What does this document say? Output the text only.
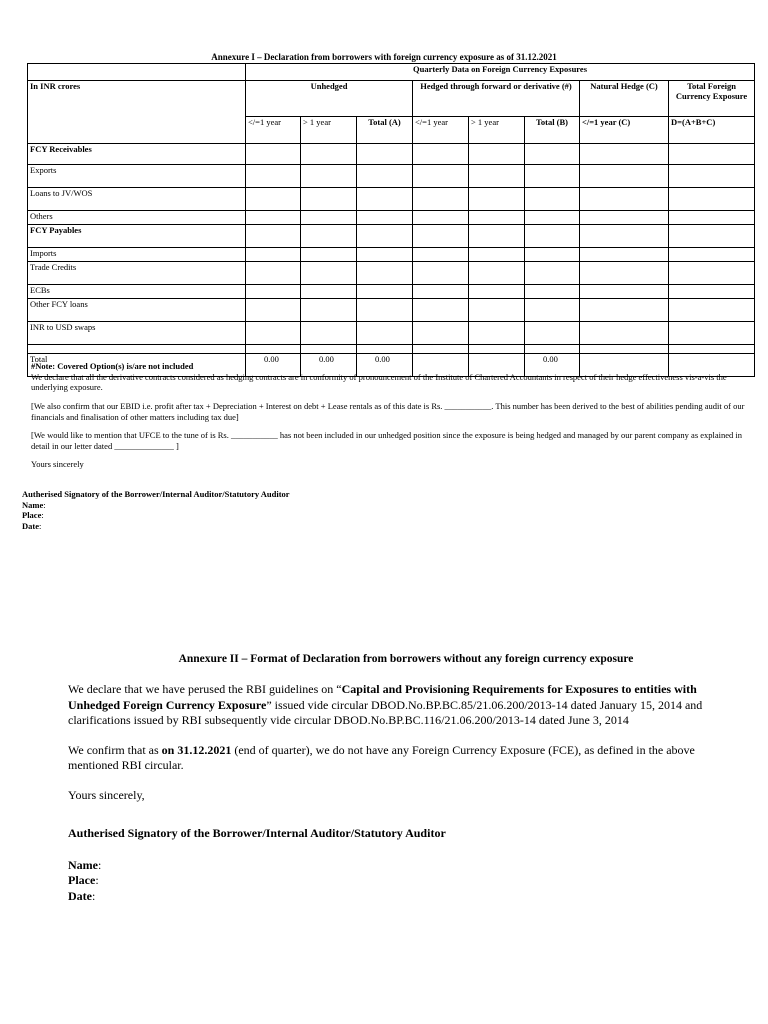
Annexure I – Declaration from borrowers with foreign currency exposure as of 31.12.2021
	Quarterly Data on Foreign Currency Exposures							
In INR crores	Unhedged			Hedged through forward or derivative (#)			Natural Hedge (C)	Total Foreign Currency Exposure
	</=1 year	> 1 year	Total (A)	</=1 year	> 1 year	Total (B)	</=1 year (C)	D=(A+B+C)
FCY Receivables								
Exports								
Loans to JV/WOS								
Others								
FCY Payables								
Imports								
Trade Credits								
ECBs								
Other FCY loans								
INR to USD swaps								

Total	0.00	0.00	0.00			0.00		
#Note: Covered Option(s) is/are not included

We declare that all the derivative contracts considered as hedging contracts are in conformity of pronouncement of the Institute of Chartered Accountants in respect of their hedge effectiveness vis-a-vis the underlying exposure.

[We also confirm that our EBID i.e. profit after tax + Depreciation + Interest on debt + Lease rentals as of this date is Rs. ___________. This number has been derived to the best of abilities pending audit of our financials and finalisation of other matters including tax due]

[We would like to mention that UFCE to the tune of is Rs. ___________ has not been included in our unhedged position since the exposure is being hedged and managed by our parent company as explained in detail in our letter dated ______________ ]

Yours sincerely

Autherised Signatory of the Borrower/Internal Auditor/Statutory Auditor
Name:
Place:
Date:
Annexure II – Format of Declaration from borrowers without any foreign currency exposure

We declare that we have perused the RBI guidelines on “Capital and Provisioning Requirements for Exposures to entities with Unhedged Foreign Currency Exposure” issued vide circular DBOD.No.BP.BC.85/21.06.200/2013-14 dated January 15, 2014 and clarifications issued by RBI subsequently vide circular DBOD.No.BP.BC.116/21.06.200/2013-14 dated June 3, 2014

We confirm that as on 31.12.2021 (end of quarter), we do not have any Foreign Currency Exposure (FCE), as defined in the above mentioned RBI circular.

Yours sincerely,

Autherised Signatory of the Borrower/Internal Auditor/Statutory Auditor
Name:
Place:
Date:
